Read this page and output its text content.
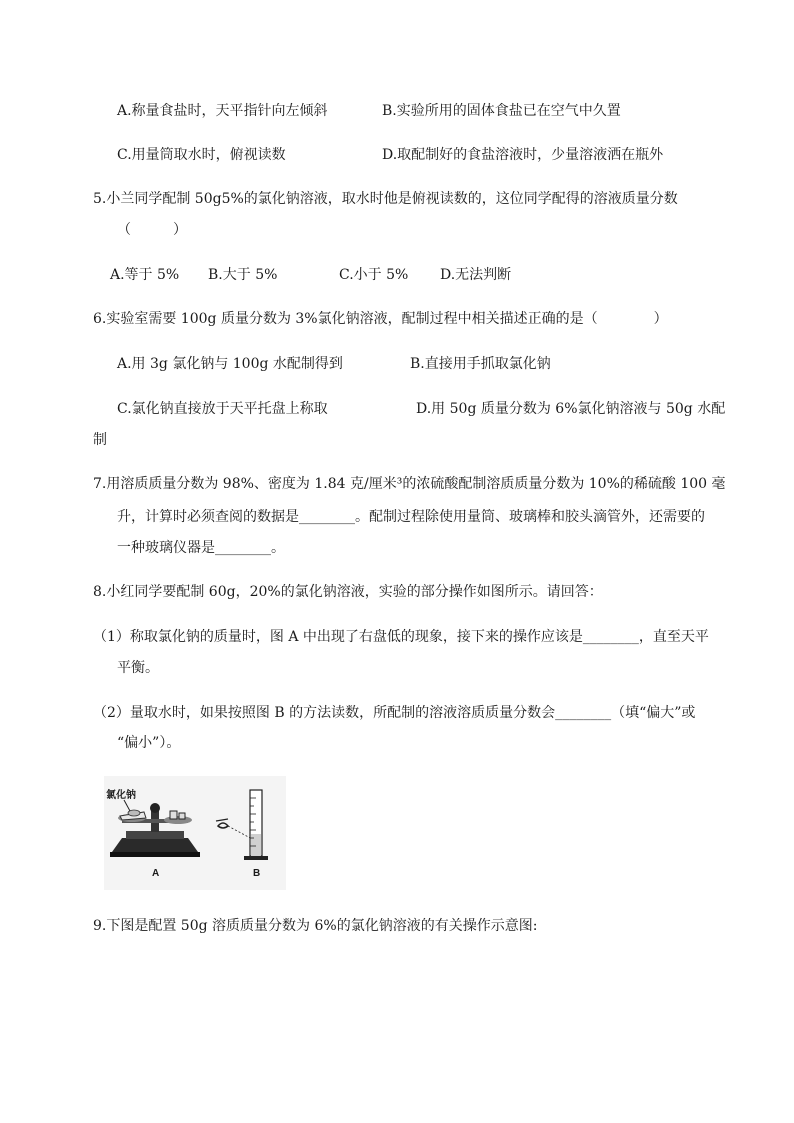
A.称量食盐时，天平指针向左倾斜	B.实验所用的固体食盐已在空气中久置
C.用量筒取水时，俯视读数	D.取配制好的食盐溶液时，少量溶液洒在瓶外
5.小兰同学配制 50g5%的氯化钠溶液，取水时他是俯视读数的，这位同学配得的溶液质量分数
（　　　）
A.等于 5% B.大于 5%	C.小于 5% D.无法判断
6.实验室需要 100g 质量分数为 3%氯化钠溶液，配制过程中相关描述正确的是（　　　　）
A.用 3g 氯化钠与 100g 水配制得到	B.直接用手抓取氯化钠
C.氯化钠直接放于天平托盘上称取	D.用 50g 质量分数为 6%氯化钠溶液与 50g 水配
制
7.用溶质质量分数为 98%、密度为 1.84 克/厘米³的浓硫酸配制溶质质量分数为 10%的稀硫酸 100 毫
升，计算时必须查阅的数据是________。配制过程除使用量筒、玻璃棒和胶头滴管外，还需要的
一种玻璃仪器是________。
8.小红同学要配制 60g，20%的氯化钠溶液，实验的部分操作如图所示。请回答：
（1）称取氯化钠的质量时，图 A 中出现了右盘低的现象，接下来的操作应该是________，直至天平
平衡。
（2）量取水时，如果按照图 B 的方法读数，所配制的溶液溶质质量分数会________（填“偏大”或
“偏小”）。
氯化钠
A	B
9.下图是配置 50g 溶质质量分数为 6%的氯化钠溶液的有关操作示意图:
